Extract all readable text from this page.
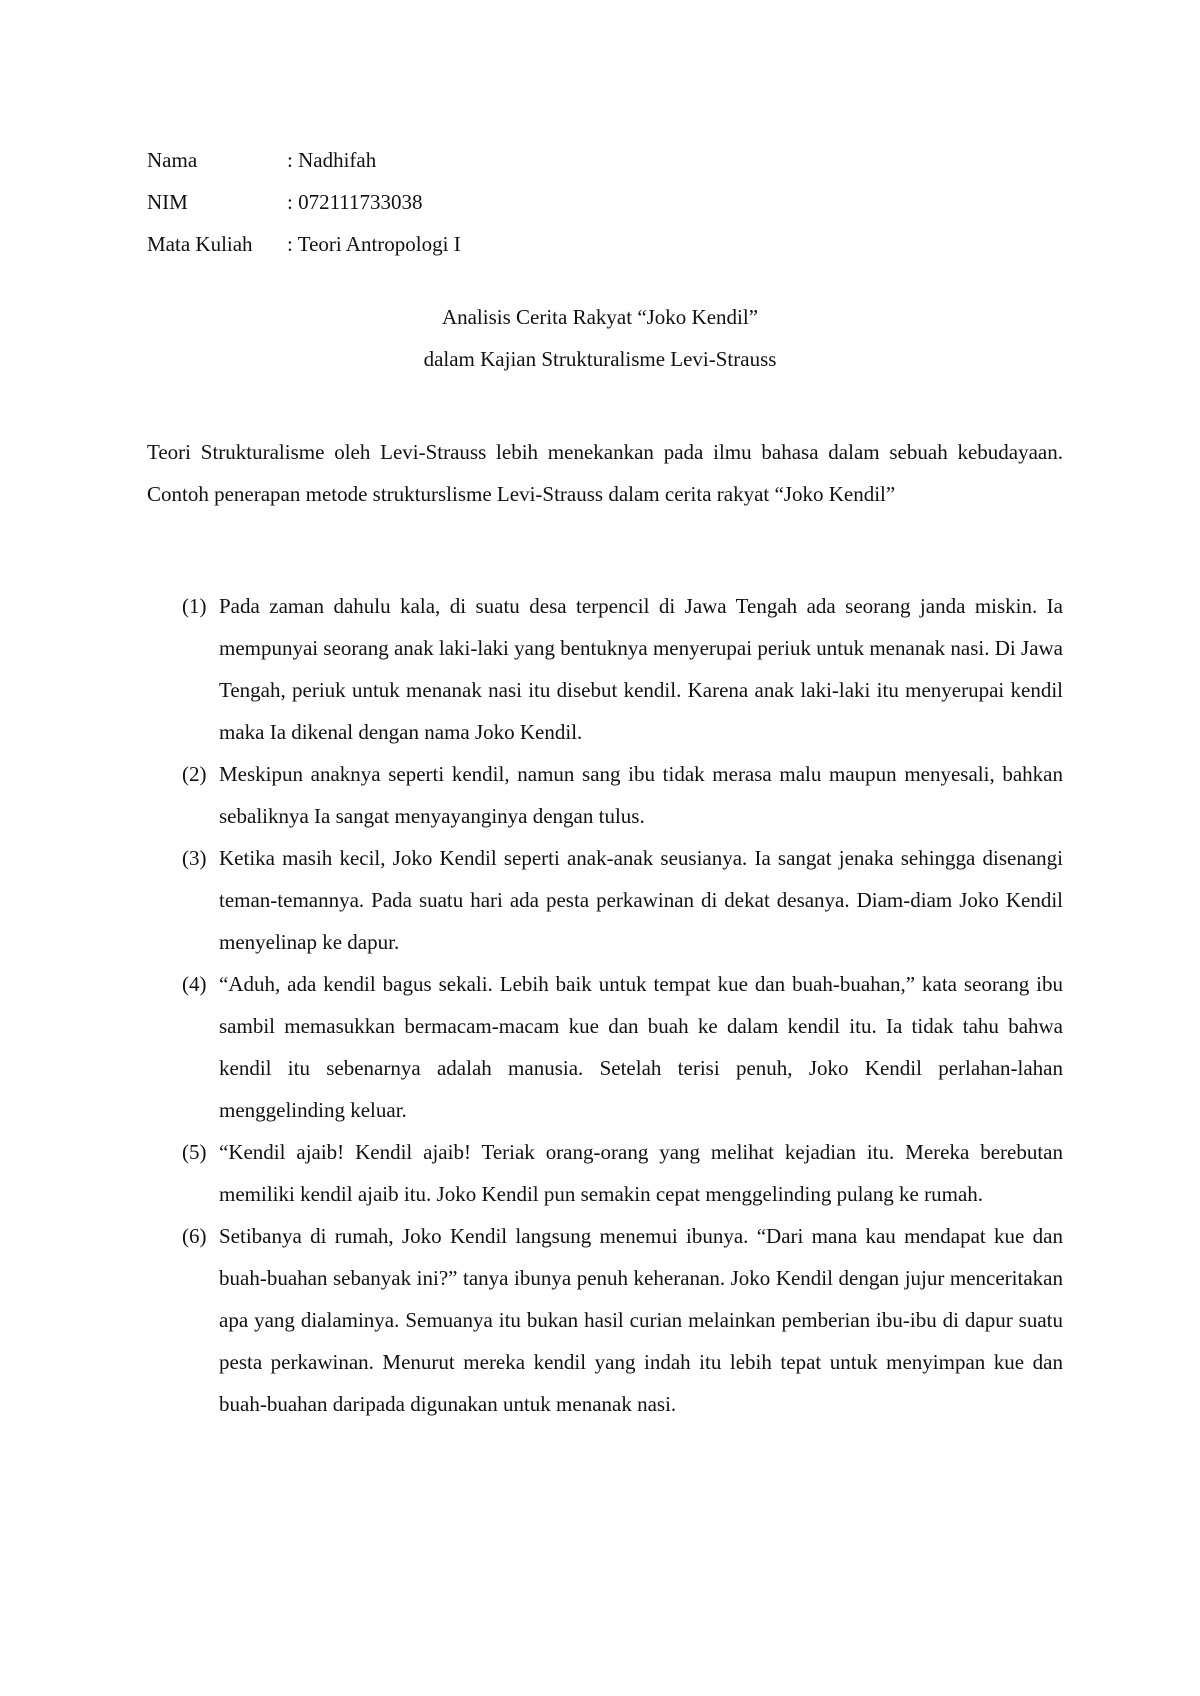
Nama	: Nadhifah
NIM	: 072111733038
Mata Kuliah	: Teori Antropologi I
Analisis Cerita Rakyat “Joko Kendil”
dalam Kajian Strukturalisme Levi-Strauss

Teori Strukturalisme oleh Levi-Strauss lebih menekankan pada ilmu bahasa dalam sebuah kebudayaan. Contoh penerapan metode strukturslisme Levi-Strauss dalam cerita rakyat “Joko Kendil”

(1) Pada zaman dahulu kala, di suatu desa terpencil di Jawa Tengah ada seorang janda miskin. Ia mempunyai seorang anak laki-laki yang bentuknya menyerupai periuk untuk menanak nasi. Di Jawa Tengah, periuk untuk menanak nasi itu disebut kendil. Karena anak laki-laki itu menyerupai kendil maka Ia dikenal dengan nama Joko Kendil.
(2) Meskipun anaknya seperti kendil, namun sang ibu tidak merasa malu maupun menyesali, bahkan sebaliknya Ia sangat menyayanginya dengan tulus.
(3) Ketika masih kecil, Joko Kendil seperti anak-anak seusianya. Ia sangat jenaka sehingga disenangi teman-temannya. Pada suatu hari ada pesta perkawinan di dekat desanya. Diam-diam Joko Kendil menyelinap ke dapur.
(4) “Aduh, ada kendil bagus sekali. Lebih baik untuk tempat kue dan buah-buahan,” kata seorang ibu sambil memasukkan bermacam-macam kue dan buah ke dalam kendil itu. Ia tidak tahu bahwa kendil itu sebenarnya adalah manusia. Setelah terisi penuh, Joko Kendil perlahan-lahan menggelinding keluar.
(5) “Kendil ajaib! Kendil ajaib! Teriak orang-orang yang melihat kejadian itu. Mereka berebutan memiliki kendil ajaib itu. Joko Kendil pun semakin cepat menggelinding pulang ke rumah.
(6) Setibanya di rumah, Joko Kendil langsung menemui ibunya. “Dari mana kau mendapat kue dan buah-buahan sebanyak ini?” tanya ibunya penuh keheranan. Joko Kendil dengan jujur menceritakan apa yang dialaminya. Semuanya itu bukan hasil curian melainkan pemberian ibu-ibu di dapur suatu pesta perkawinan. Menurut mereka kendil yang indah itu lebih tepat untuk menyimpan kue dan buah-buahan daripada digunakan untuk menanak nasi.
